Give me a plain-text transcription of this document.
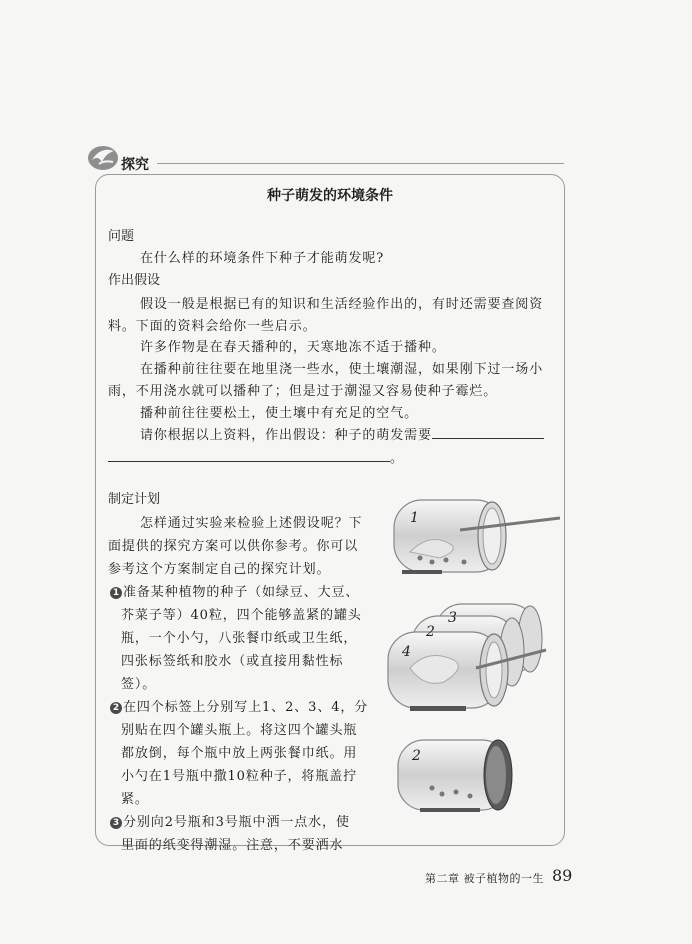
探究
种子萌发的环境条件
问题
在什么样的环境条件下种子才能萌发呢?
作出假设
假设一般是根据已有的知识和生活经验作出的，有时还需要查阅资
料。下面的资料会给你一些启示。
许多作物是在春天播种的，天寒地冻不适于播种。
在播种前往往要在地里浇一些水，使土壤潮湿，如果刚下过一场小
雨，不用浇水就可以播种了；但是过于潮湿又容易使种子霉烂。
播种前往往要松土，使土壤中有充足的空气。
请你根据以上资料，作出假设：种子的萌发需要
。
制定计划
怎样通过实验来检验上述假设呢？下
面提供的探究方案可以供你参考。你可以
参考这个方案制定自己的探究计划。
1 准备某种植物的种子（如绿豆、大豆、
芥菜子等）40粒，四个能够盖紧的罐头
瓶，一个小勺，八张餐巾纸或卫生纸，
四张标签纸和胶水（或直接用黏性标
签）。
2 在四个标签上分别写上1、2、3、4，分
别贴在四个罐头瓶上。将这四个罐头瓶
都放倒，每个瓶中放上两张餐巾纸。用
小勺在1号瓶中撒10粒种子，将瓶盖拧
紧。
3 分别向2号瓶和3号瓶中洒一点水，使
里面的纸变得潮湿。注意，不要洒水
1
3
2
4
2
第二章 被子植物的一生 89
